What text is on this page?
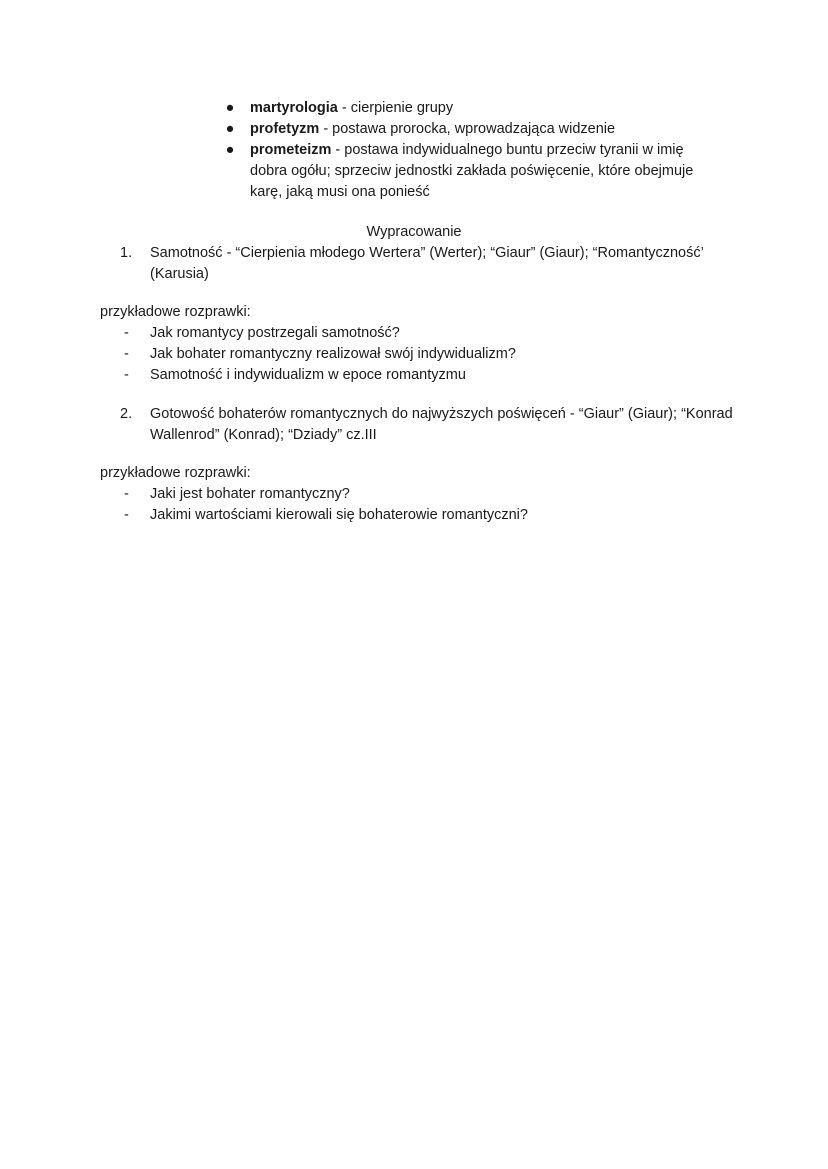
● martyrologia - cierpienie grupy
● profetyzm - postawa prorocka, wprowadzająca widzenie
● prometeizm - postawa indywidualnego buntu przeciw tyranii w imię dobra ogółu; sprzeciw jednostki zakłada poświęcenie, które obejmuje karę, jaką musi ona ponieść
Wypracowanie
1. Samotność - “Cierpienia młodego Wertera” (Werter); “Giaur” (Giaur); “Romantyczność’ (Karusia)
przykładowe rozprawki:
- Jak romantycy postrzegali samotność?
- Jak bohater romantyczny realizował swój indywidualizm?
- Samotność i indywidualizm w epoce romantyzmu
2. Gotowość bohaterów romantycznych do najwyższych poświęceń - “Giaur” (Giaur); “Konrad Wallenrod” (Konrad); “Dziady” cz.III
przykładowe rozprawki:
- Jaki jest bohater romantyczny?
- Jakimi wartościami kierowali się bohaterowie romantyczni?
